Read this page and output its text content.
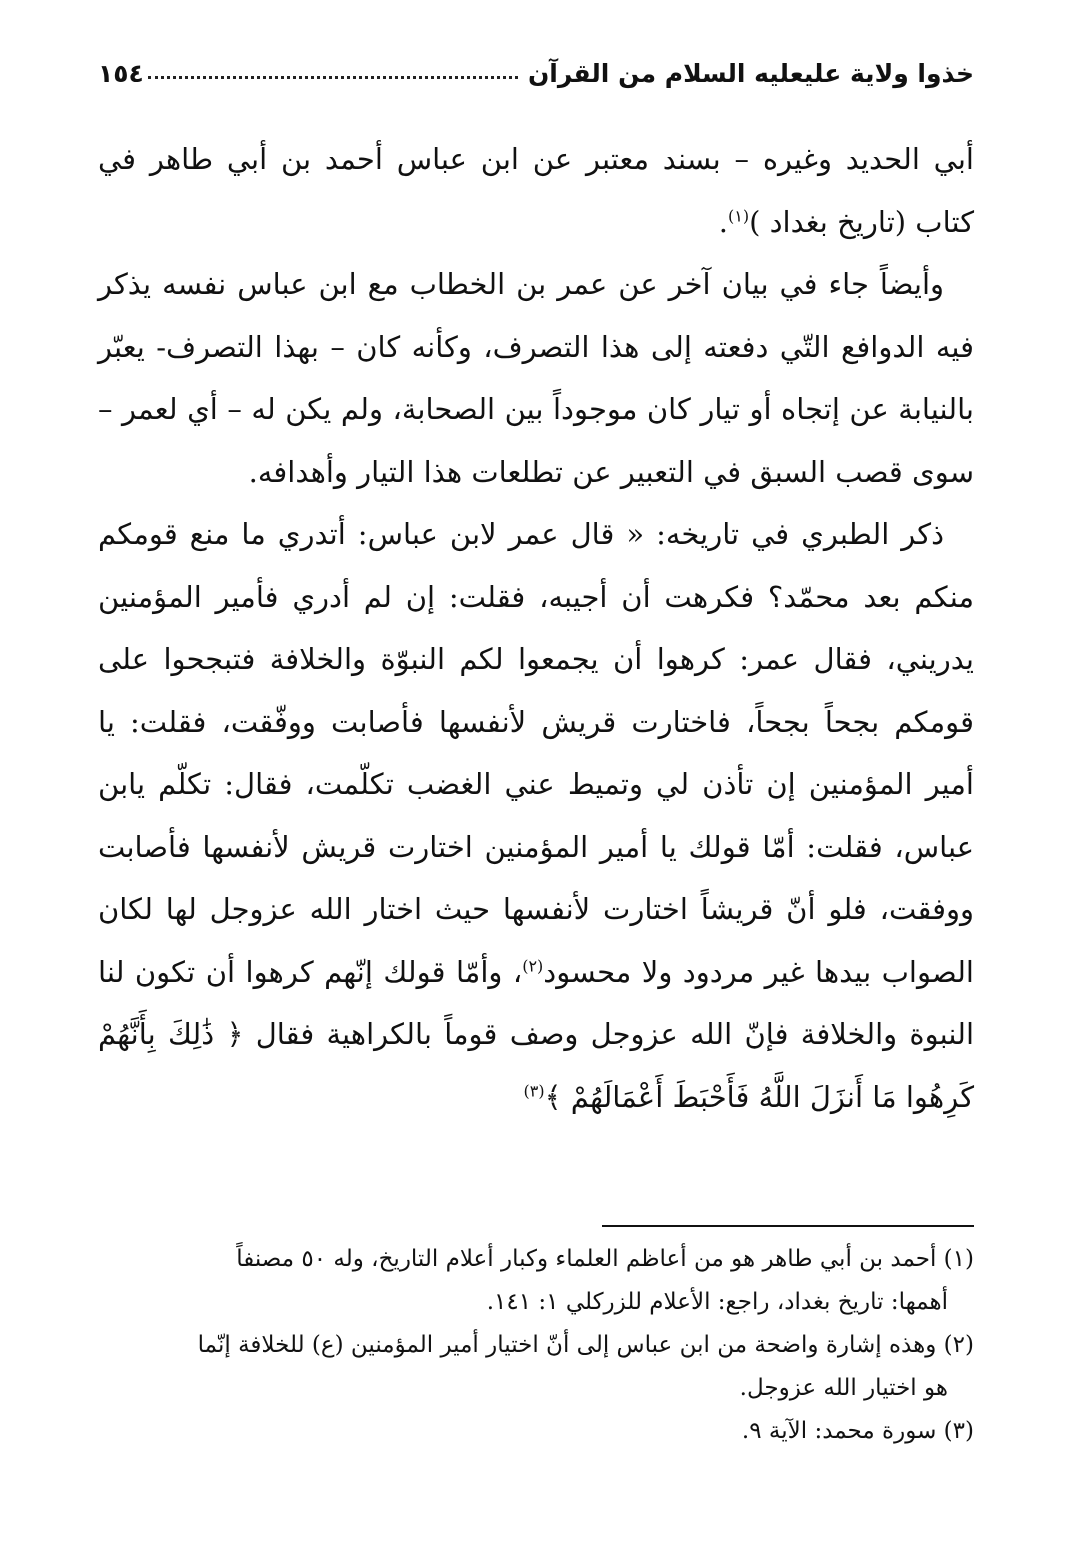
خذوا ولاية عليعليه السلام من القرآن
١٥٤

أبي الحديد وغيره – بسند معتبر عن ابن عباس أحمد بن أبي طاهر في كتاب (تاريخ بغداد )$^{(١)}$.

وأيضاً جاء في بيان آخر عن عمر بن الخطاب مع ابن عباس نفسه يذكر فيه الدوافع التّي دفعته إلى هذا التصرف، وكأنه كان – بهذا التصرف- يعبّر بالنيابة عن إتجاه أو تيار كان موجوداً بين الصحابة، ولم يكن له – أي لعمر – سوى قصب السبق في التعبير عن تطلعات هذا التيار وأهدافه.

ذكر الطبري في تاريخه: « قال عمر لابن عباس: أتدري ما منع قومكم منكم بعد محمّد؟ فكرهت أن أجيبه، فقلت: إن لم أدري فأمير المؤمنين يدريني، فقال عمر: كرهوا أن يجمعوا لكم النبوّة والخلافة فتبجحوا على قومكم بجحاً بجحاً، فاختارت قريش لأنفسها فأصابت ووفّقت، فقلت: يا أمير المؤمنين إن تأذن لي وتميط عني الغضب تكلّمت، فقال: تكلّم يابن عباس، فقلت: أمّا قولك يا أمير المؤمنين اختارت قريش لأنفسها فأصابت ووفقت، فلو أنّ قريشاً اختارت لأنفسها حيث اختار الله عزوجل لها لكان الصواب بيدها غير مردود ولا محسود$^{(٢)}$، وأمّا قولك إنّهم كرهوا أن تكون لنا النبوة والخلافة فإنّ الله عزوجل وصف قوماً بالكراهية فقال ﴿ ذَٰلِكَ بِأَنَّهُمْ كَرِهُوا مَا أَنزَلَ اللَّهُ فَأَحْبَطَ أَعْمَالَهُمْ ﴾$^{(٣)}$

(١) أحمد بن أبي طاهر هو من أعاظم العلماء وكبار أعلام التاريخ، وله ٥٠ مصنفاً
أهمها: تاريخ بغداد، راجع: الأعلام للزركلي ١: ١٤١.
(٢) وهذه إشارة واضحة من ابن عباس إلى أنّ اختيار أمير المؤمنين (ع) للخلافة إنّما
هو اختيار الله عزوجل.
(٣) سورة محمد: الآية ٩.
